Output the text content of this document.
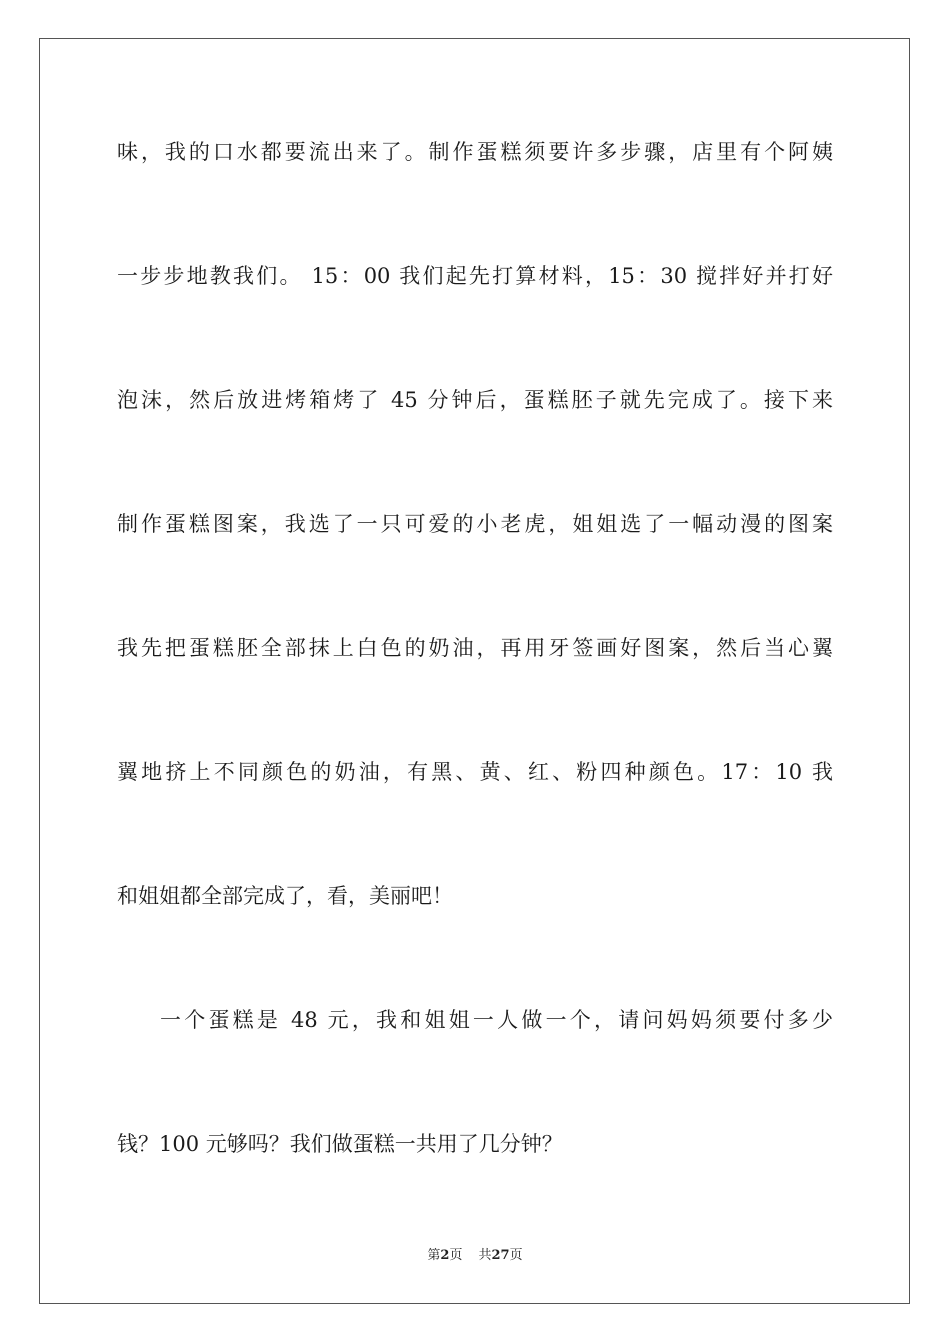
味，我的口水都要流出来了。制作蛋糕须要许多步骤，店里有个阿姨
一步步地教我们。 15：00 我们起先打算材料，15：30 搅拌好并打好
泡沫，然后放进烤箱烤了 45 分钟后，蛋糕胚子就先完成了。接下来
制作蛋糕图案，我选了一只可爱的小老虎，姐姐选了一幅动漫的图案
我先把蛋糕胚全部抹上白色的奶油，再用牙签画好图案，然后当心翼
翼地挤上不同颜色的奶油，有黑、黄、红、粉四种颜色。17：10 我
和姐姐都全部完成了，看，美丽吧！
一个蛋糕是 48 元，我和姐姐一人做一个，请问妈妈须要付多少
钱？100 元够吗？我们做蛋糕一共用了几分钟？
第2页 共27页
